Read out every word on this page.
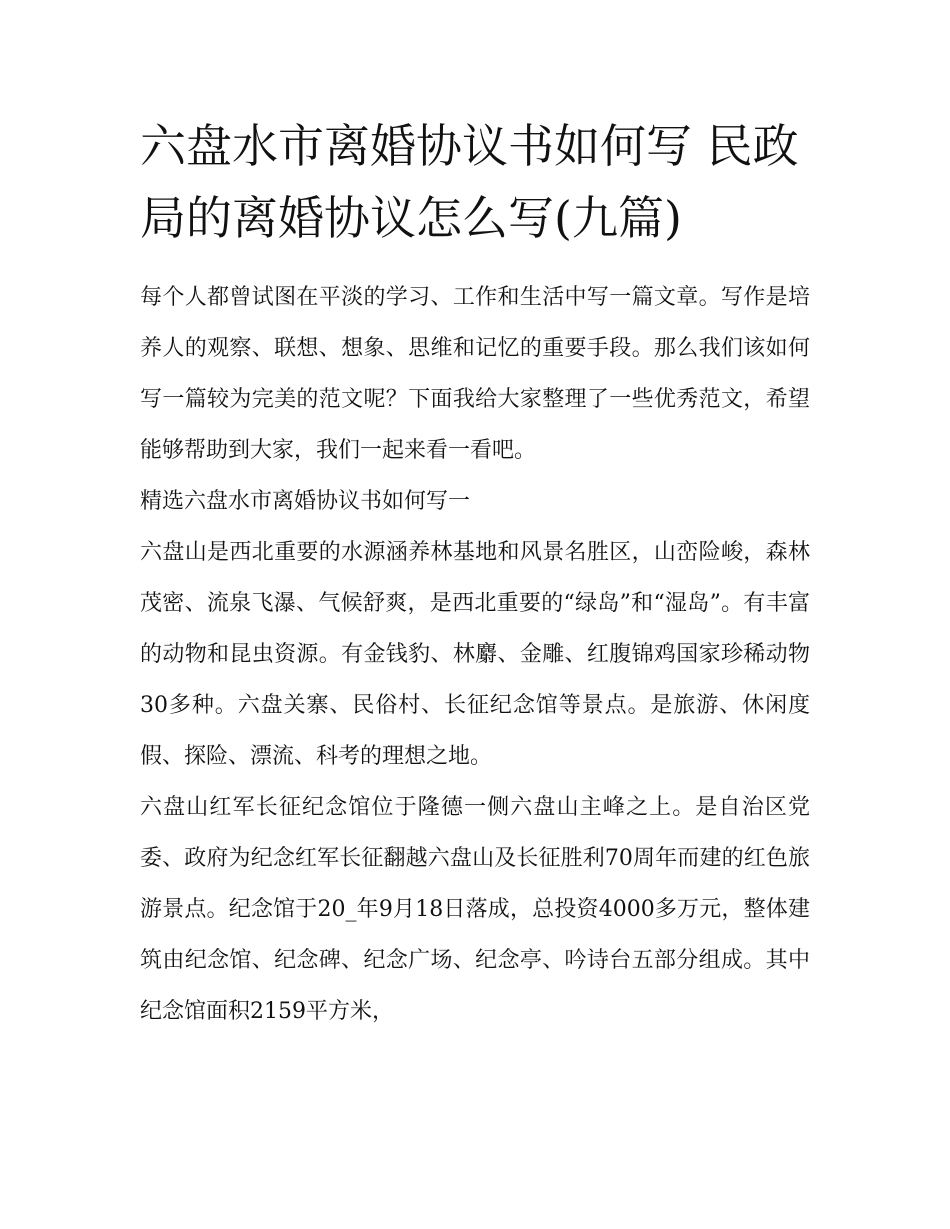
六盘水市离婚协议书如何写 民政局的离婚协议怎么写(九篇)

每个人都曾试图在平淡的学习、工作和生活中写一篇文章。写作是培养人的观察、联想、想象、思维和记忆的重要手段。那么我们该如何写一篇较为完美的范文呢？下面我给大家整理了一些优秀范文，希望能够帮助到大家，我们一起来看一看吧。

精选六盘水市离婚协议书如何写一

六盘山是西北重要的水源涵养林基地和风景名胜区，山峦险峻，森林茂密、流泉飞瀑、气候舒爽，是西北重要的“绿岛”和“湿岛”。有丰富的动物和昆虫资源。有金钱豹、林麝、金雕、红腹锦鸡国家珍稀动物30多种。六盘关寨、民俗村、长征纪念馆等景点。是旅游、休闲度假、探险、漂流、科考的理想之地。

六盘山红军长征纪念馆位于隆德一侧六盘山主峰之上。是自治区党委、政府为纪念红军长征翻越六盘山及长征胜利70周年而建的红色旅游景点。纪念馆于20_年9月18日落成，总投资4000多万元，整体建筑由纪念馆、纪念碑、纪念广场、纪念亭、吟诗台五部分组成。其中纪念馆面积2159平方米，
